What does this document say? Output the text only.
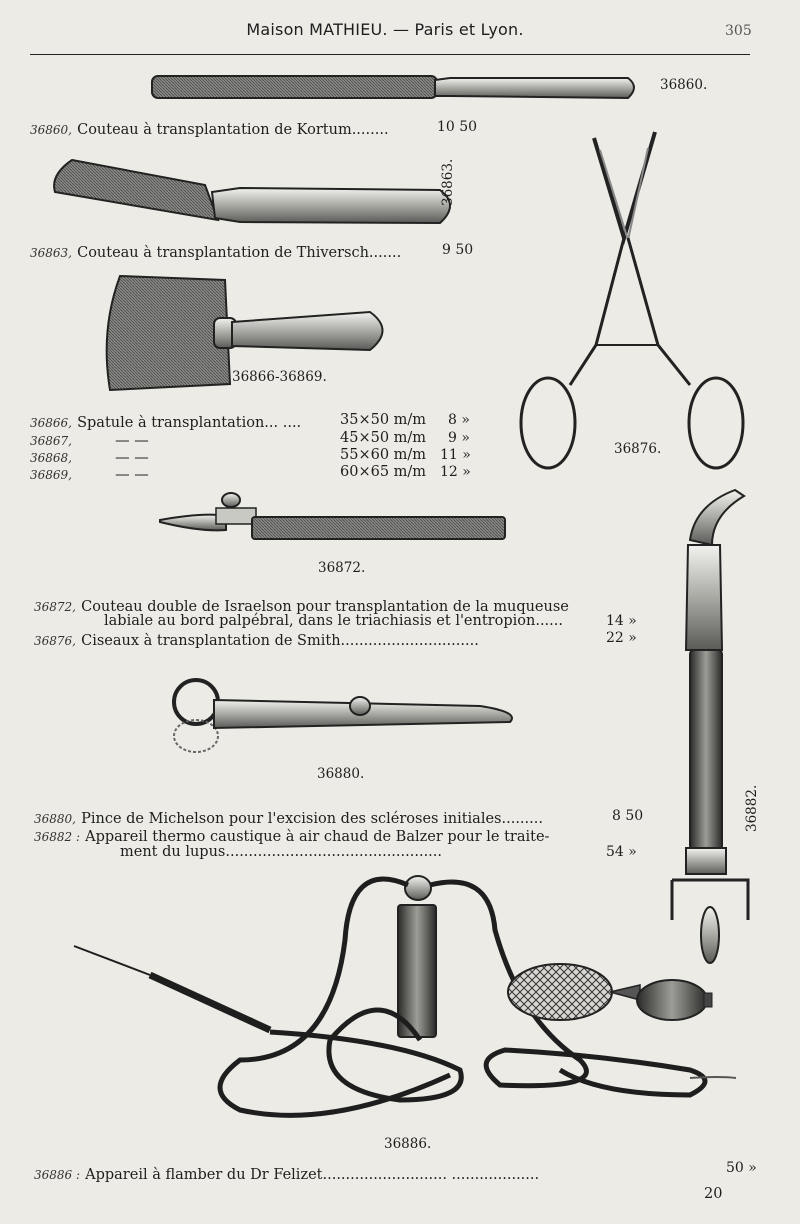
Maison MATHIEU. — Paris et Lyon.	305
36860.
36863.
36866-36869.
36876.
36872.
36880.
36882.
36886.
36860, Couteau à transplantation de Kortum........	10 50
36863, Couteau à transplantation de Thiversch.......	9 50
36866, Spatule à transplantation... ....	35×50 m/m 8 »
36867,	— —	45×50 m/m 9 »
36868,	— —	55×60 m/m 11 »
36869,	— —	60×65 m/m 12 »
36872, Couteau double de Israelson pour transplantation de la muqueuse
labiale au bord palpébral, dans le triachiasis et l'entropion......	14 »
36876, Ciseaux à transplantation de Smith..............................	22 »
36880, Pince de Michelson pour l'excision des scléroses initiales.........	8 50
36882 : Appareil thermo caustique à air chaud de Balzer pour le traite-
ment du lupus...............................................	54 »
36886 : Appareil à flamber du Dr Felizet........................... ...................	50 »
20
